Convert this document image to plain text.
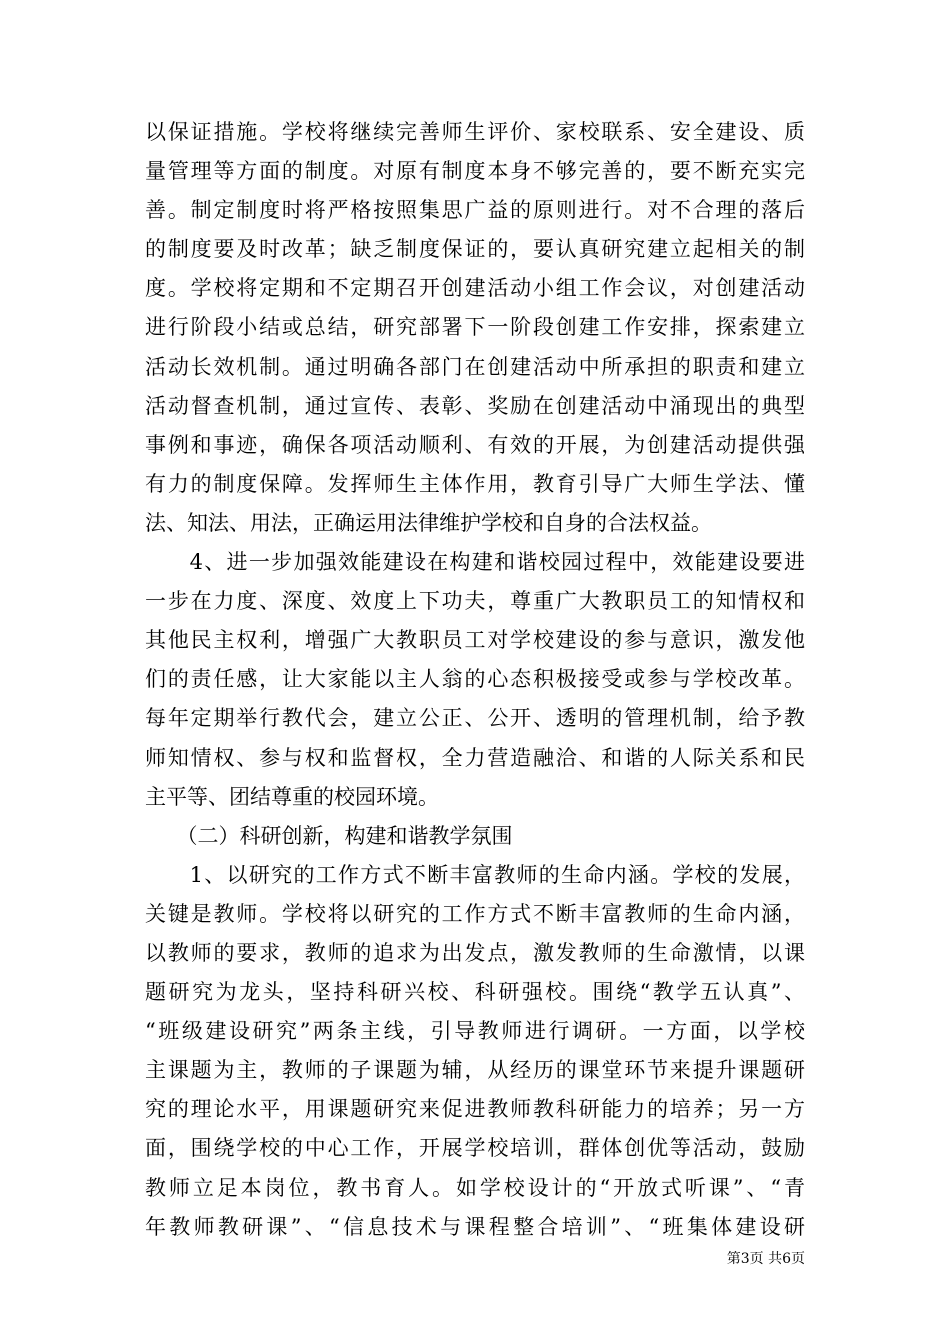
以保证措施。学校将继续完善师生评价、家校联系、安全建设、质
量管理等方面的制度。对原有制度本身不够完善的，要不断充实完
善。制定制度时将严格按照集思广益的原则进行。对不合理的落后
的制度要及时改革；缺乏制度保证的，要认真研究建立起相关的制
度。学校将定期和不定期召开创建活动小组工作会议，对创建活动
进行阶段小结或总结，研究部署下一阶段创建工作安排，探索建立
活动长效机制。通过明确各部门在创建活动中所承担的职责和建立
活动督查机制，通过宣传、表彰、奖励在创建活动中涌现出的典型
事例和事迹，确保各项活动顺利、有效的开展，为创建活动提供强
有力的制度保障。发挥师生主体作用，教育引导广大师生学法、懂
法、知法、用法，正确运用法律维护学校和自身的合法权益。
　　4、进一步加强效能建设在构建和谐校园过程中，效能建设要进
一步在力度、深度、效度上下功夫，尊重广大教职员工的知情权和
其他民主权利，增强广大教职员工对学校建设的参与意识，激发他
们的责任感，让大家能以主人翁的心态积极接受或参与学校改革。
每年定期举行教代会，建立公正、公开、透明的管理机制，给予教
师知情权、参与权和监督权，全力营造融洽、和谐的人际关系和民
主平等、团结尊重的校园环境。
　　（二）科研创新，构建和谐教学氛围
　　1、以研究的工作方式不断丰富教师的生命内涵。学校的发展，
关键是教师。学校将以研究的工作方式不断丰富教师的生命内涵，
以教师的要求，教师的追求为出发点，激发教师的生命激情，以课
题研究为龙头，坚持科研兴校、科研强校。围绕“教学五认真”、
“班级建设研究”两条主线，引导教师进行调研。一方面，以学校
主课题为主，教师的子课题为辅，从经历的课堂环节来提升课题研
究的理论水平，用课题研究来促进教师教科研能力的培养；另一方
面，围绕学校的中心工作，开展学校培训，群体创优等活动，鼓励
教师立足本岗位，教书育人。如学校设计的“开放式听课”、“青
年教师教研课”、“信息技术与课程整合培训”、“班集体建设研
第3页 共6页
